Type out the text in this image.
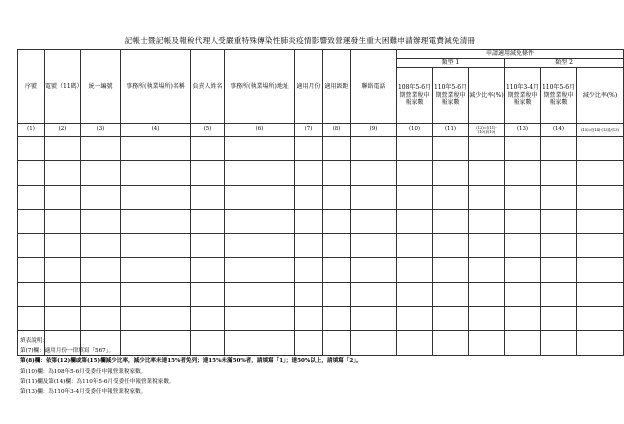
記帳士暨記帳及報稅代理人受嚴重特殊傳染性肺炎疫情影響致營運發生重大困難申請辦理電費減免清冊
序號	電號（11碼）	統一編號	事務所(執業場所)名稱	負責人姓名	事務所(執業場所)地址	適用月份	適用級距	聯絡電話	申請適用減免條件					
									類型 1			類型 2		
									108年5-6月期營業稅申報家數	110年5-6月期營業稅申報家數	減少比率(%)	110年3-4月期營業稅申報家數	110年5-6月期營業稅申報家數	減少比率(%)
(1)	(2)	(3)	(4)	(5)	(6)	(7)	(8)	(9)	(10)	(11)	(12)=[(11)-(10)]/(10)	(13)	(14)	(15)=[(14)-(13)]/(13)

填表說明：
第(7)欄：適用月份一律填寫「567」。
第(8)欄：依第(12)欄或第(15)欄減少比率，減少比率未達15%者免列；達15%未滿50%者，請填寫「1」；達50%以上，請填寫「2」。
第(10)欄：為108年5-6月受委任申報營業稅家數。
第(11)欄及第(14)欄：為110年5-6月受委任申報營業稅家數。
第(13)欄：為110年3-4月受委任申報營業稅家數。
